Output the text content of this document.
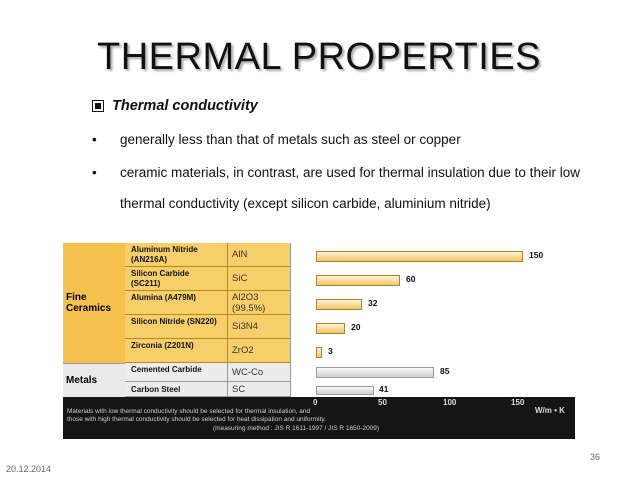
THERMAL PROPERTIES
Thermal conductivity
•	generally less than that of metals such as steel or copper
•	ceramic materials, in contrast, are used for thermal insulation due to their low
thermal conductivity (except silicon carbide, aluminium nitride)
Fine Ceramics
Metals
Aluminum Nitride (AN216A)	AlN
Silicon Carbide (SC211)	SiC
Alumina (A479M)	Al2O3 (99.5%)
Silicon Nitride (SN220)	Si3N4
Zirconia (Z201N)	ZrO2
Cemented Carbide	WC-Co
Carbon Steel	SC
150
60
32
20
3
85
41
0	50	100	150
W/m • K
Materials with low thermal conductivity should be selected for thermal insulation, and
those with high thermal conductivity should be selected for heat dissipation and uniformity.
(measuring method : JIS R 1611-1997 / JIS R 1650-2009)
36
20.12.2014
